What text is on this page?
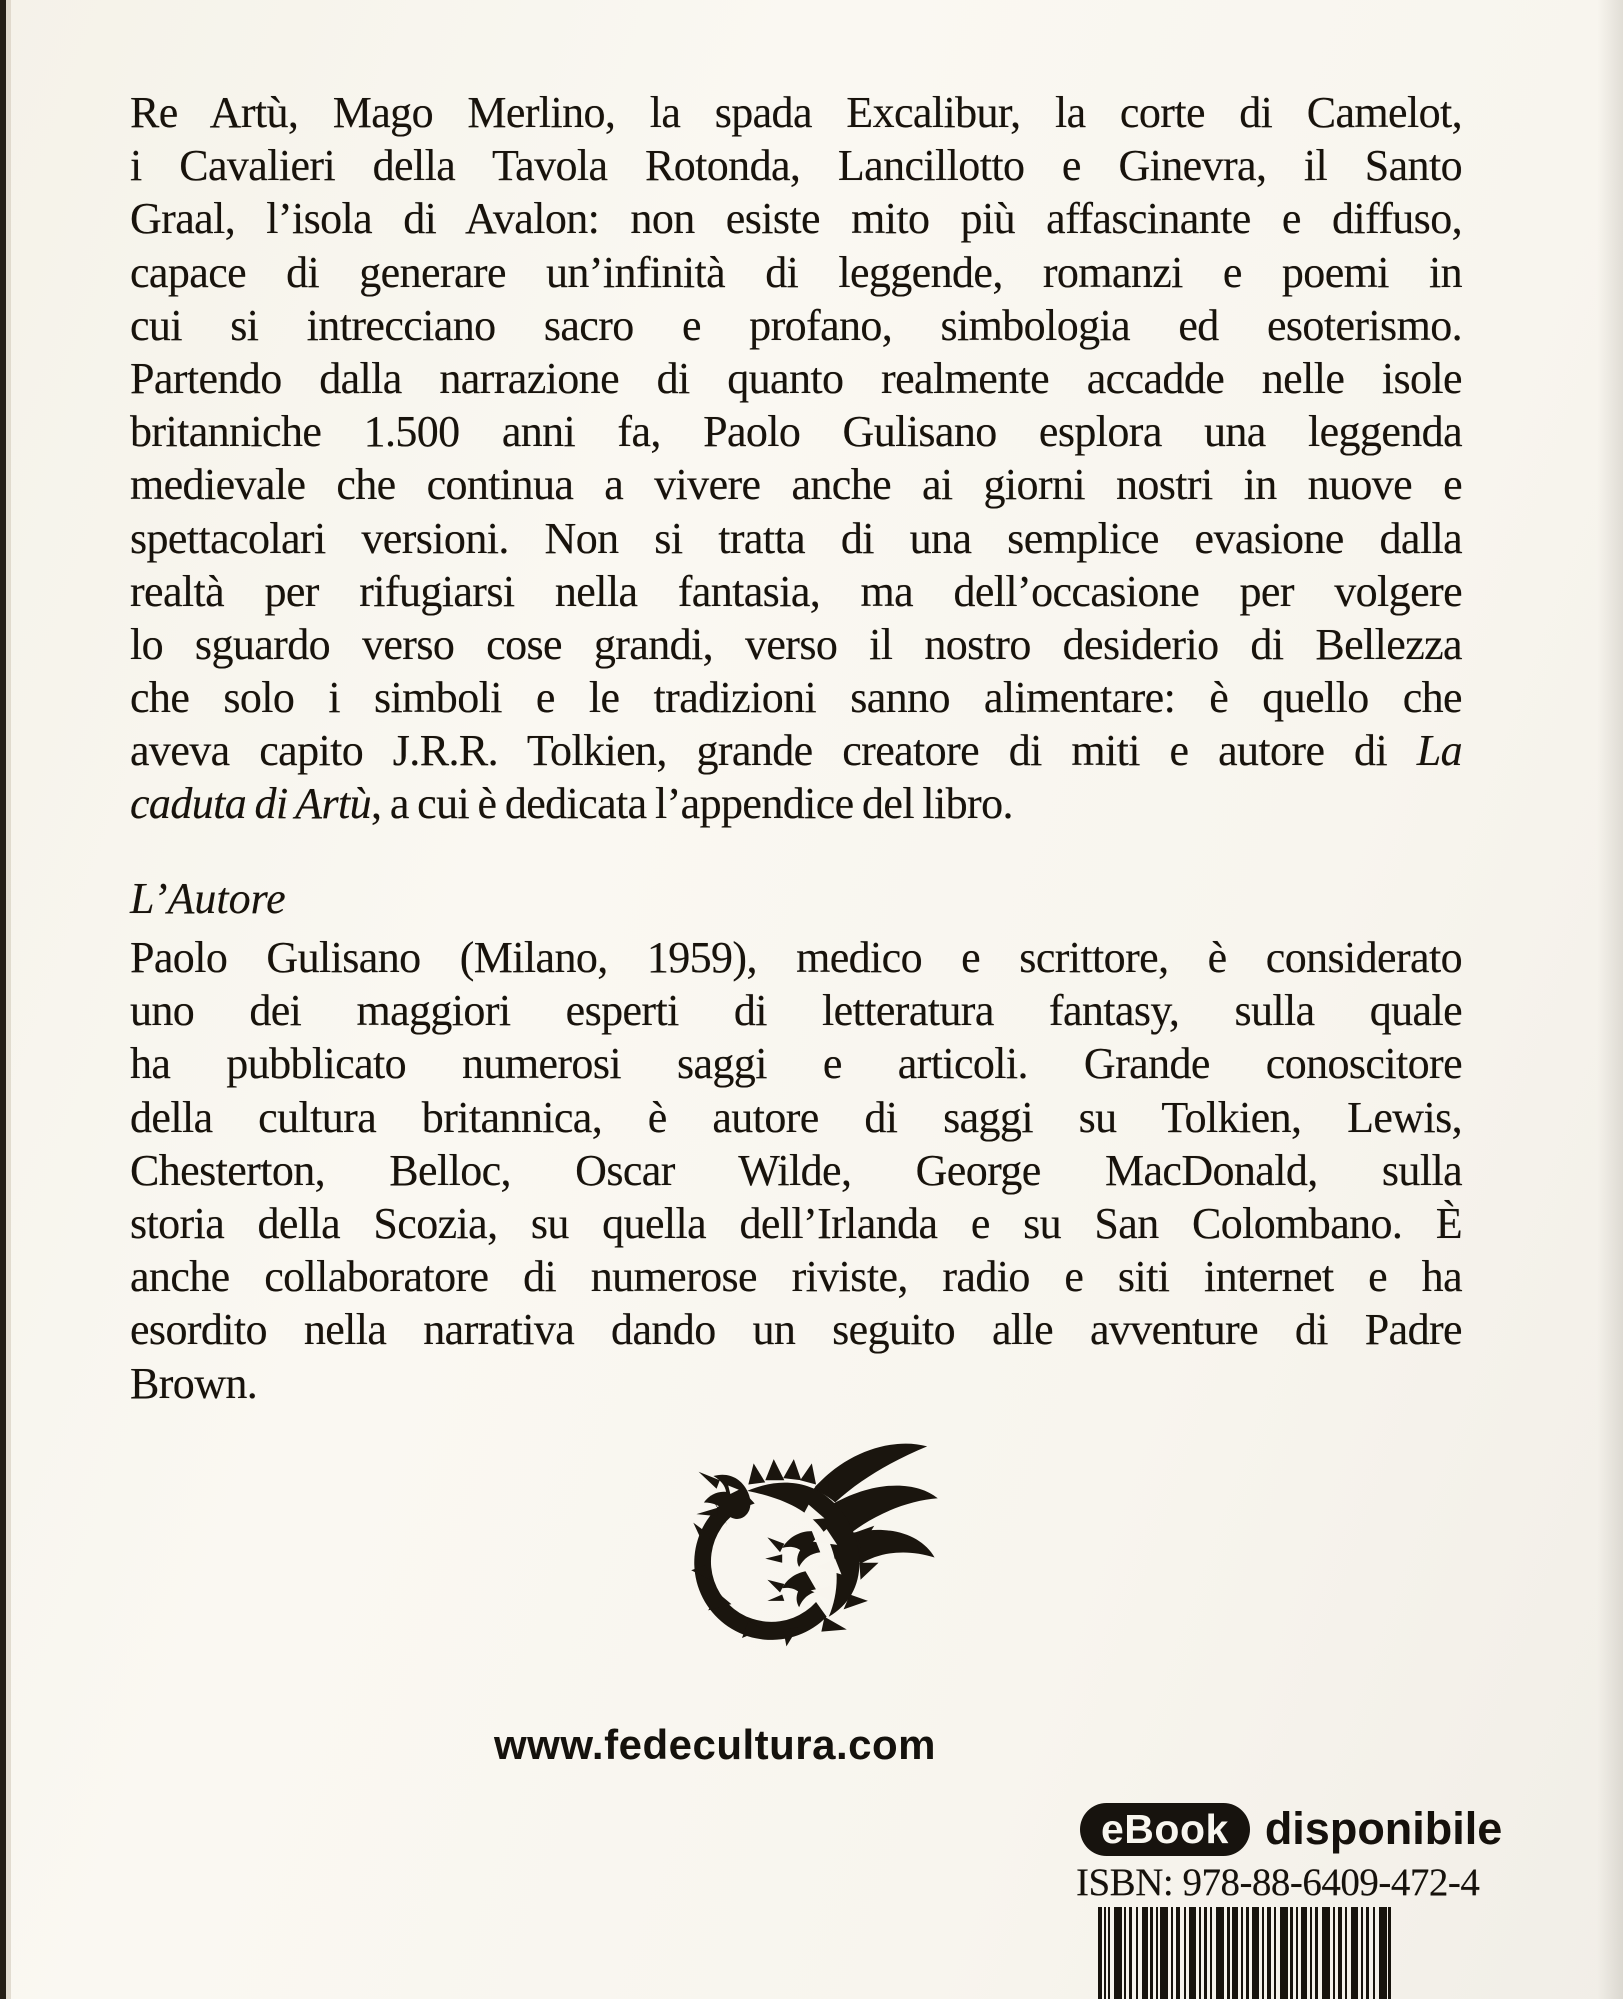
Re Artù, Mago Merlino, la spada Excalibur, la corte di Camelot,
i Cavalieri della Tavola Rotonda, Lancillotto e Ginevra, il Santo
Graal, l’isola di Avalon: non esiste mito più affascinante e diffuso,
capace di generare un’infinità di leggende, romanzi e poemi in
cui si intrecciano sacro e profano, simbologia ed esoterismo.
Partendo dalla narrazione di quanto realmente accadde nelle isole
britanniche 1.500 anni fa, Paolo Gulisano esplora una leggenda
medievale che continua a vivere anche ai giorni nostri in nuove e
spettacolari versioni. Non si tratta di una semplice evasione dalla
realtà per rifugiarsi nella fantasia, ma dell’occasione per volgere
lo sguardo verso cose grandi, verso il nostro desiderio di Bellezza
che solo i simboli e le tradizioni sanno alimentare: è quello che
aveva capito J.R.R. Tolkien, grande creatore di miti e autore di La
caduta di Artù, a cui è dedicata l’appendice del libro.
L’Autore
Paolo Gulisano (Milano, 1959), medico e scrittore, è considerato
uno dei maggiori esperti di letteratura fantasy, sulla quale
ha pubblicato numerosi saggi e articoli. Grande conoscitore
della cultura britannica, è autore di saggi su Tolkien, Lewis,
Chesterton, Belloc, Oscar Wilde, George MacDonald, sulla
storia della Scozia, su quella dell’Irlanda e su San Colombano. È
anche collaboratore di numerose riviste, radio e siti internet e ha
esordito nella narrativa dando un seguito alle avventure di Padre
Brown.
www.fedecultura.com
eBook disponibile
ISBN: 978-88-6409-472-4
